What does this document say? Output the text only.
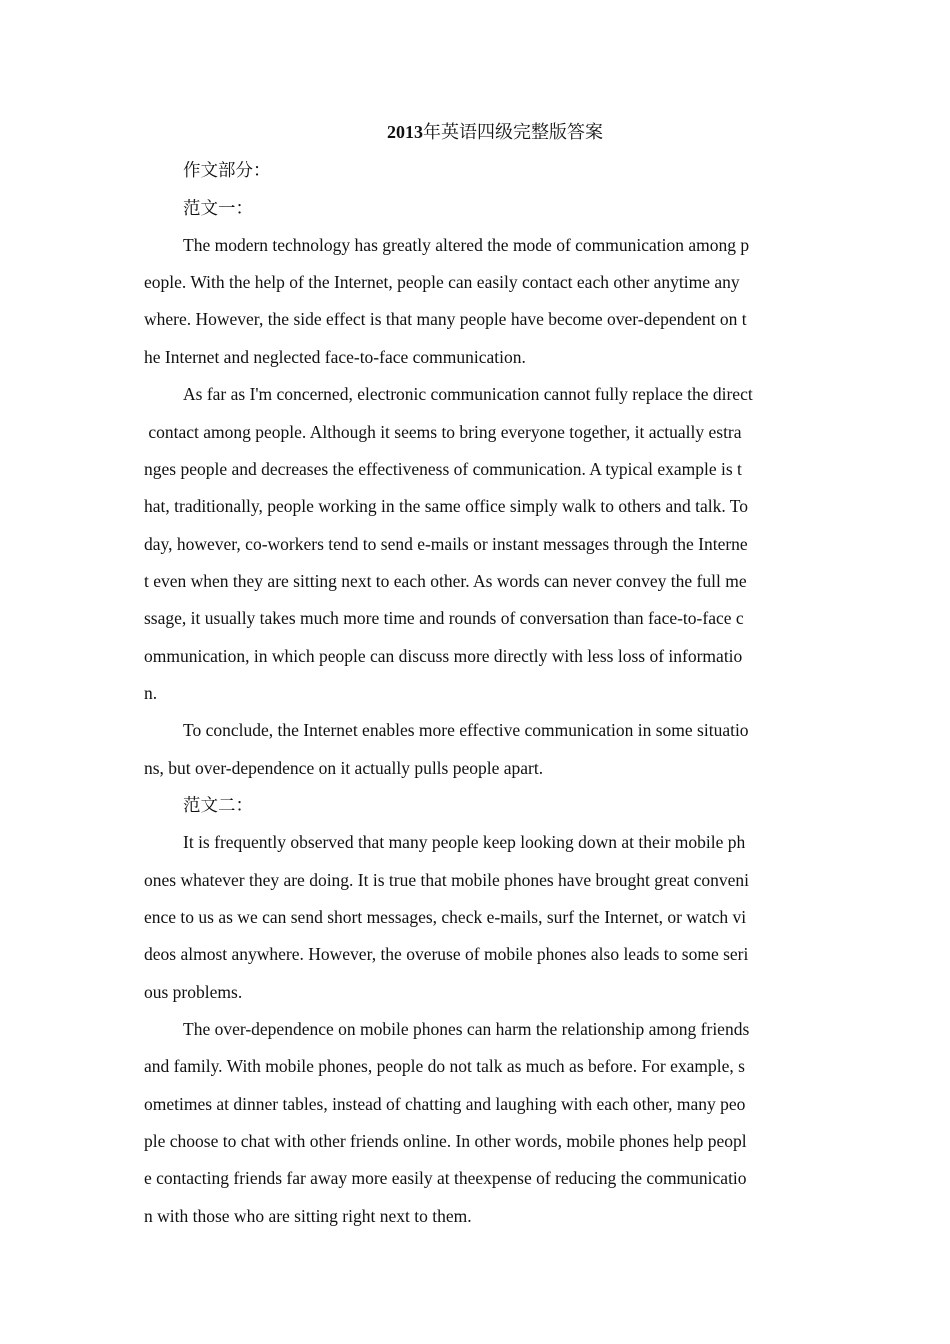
2013年英语四级完整版答案
作文部分：
范文一：
The modern technology has greatly altered the mode of communication among p
eople. With the help of the Internet, people can easily contact each other anytime any
where. However, the side effect is that many people have become over-dependent on t
he Internet and neglected face-to-face communication.
As far as I'm concerned, electronic communication cannot fully replace the direct
contact among people. Although it seems to bring everyone together, it actually estra
nges people and decreases the effectiveness of communication. A typical example is t
hat, traditionally, people working in the same office simply walk to others and talk. To
day, however, co-workers tend to send e-mails or instant messages through the Interne
t even when they are sitting next to each other. As words can never convey the full me
ssage, it usually takes much more time and rounds of conversation than face-to-face c
ommunication, in which people can discuss more directly with less loss of informatio
n.
To conclude, the Internet enables more effective communication in some situatio
ns, but over-dependence on it actually pulls people apart.
范文二：
It is frequently observed that many people keep looking down at their mobile ph
ones whatever they are doing. It is true that mobile phones have brought great conveni
ence to us as we can send short messages, check e-mails, surf the Internet, or watch vi
deos almost anywhere. However, the overuse of mobile phones also leads to some seri
ous problems.
The over-dependence on mobile phones can harm the relationship among friends
and family. With mobile phones, people do not talk as much as before. For example, s
ometimes at dinner tables, instead of chatting and laughing with each other, many peo
ple choose to chat with other friends online. In other words, mobile phones help peopl
e contacting friends far away more easily at theexpense of reducing the communicatio
n with those who are sitting right next to them.
